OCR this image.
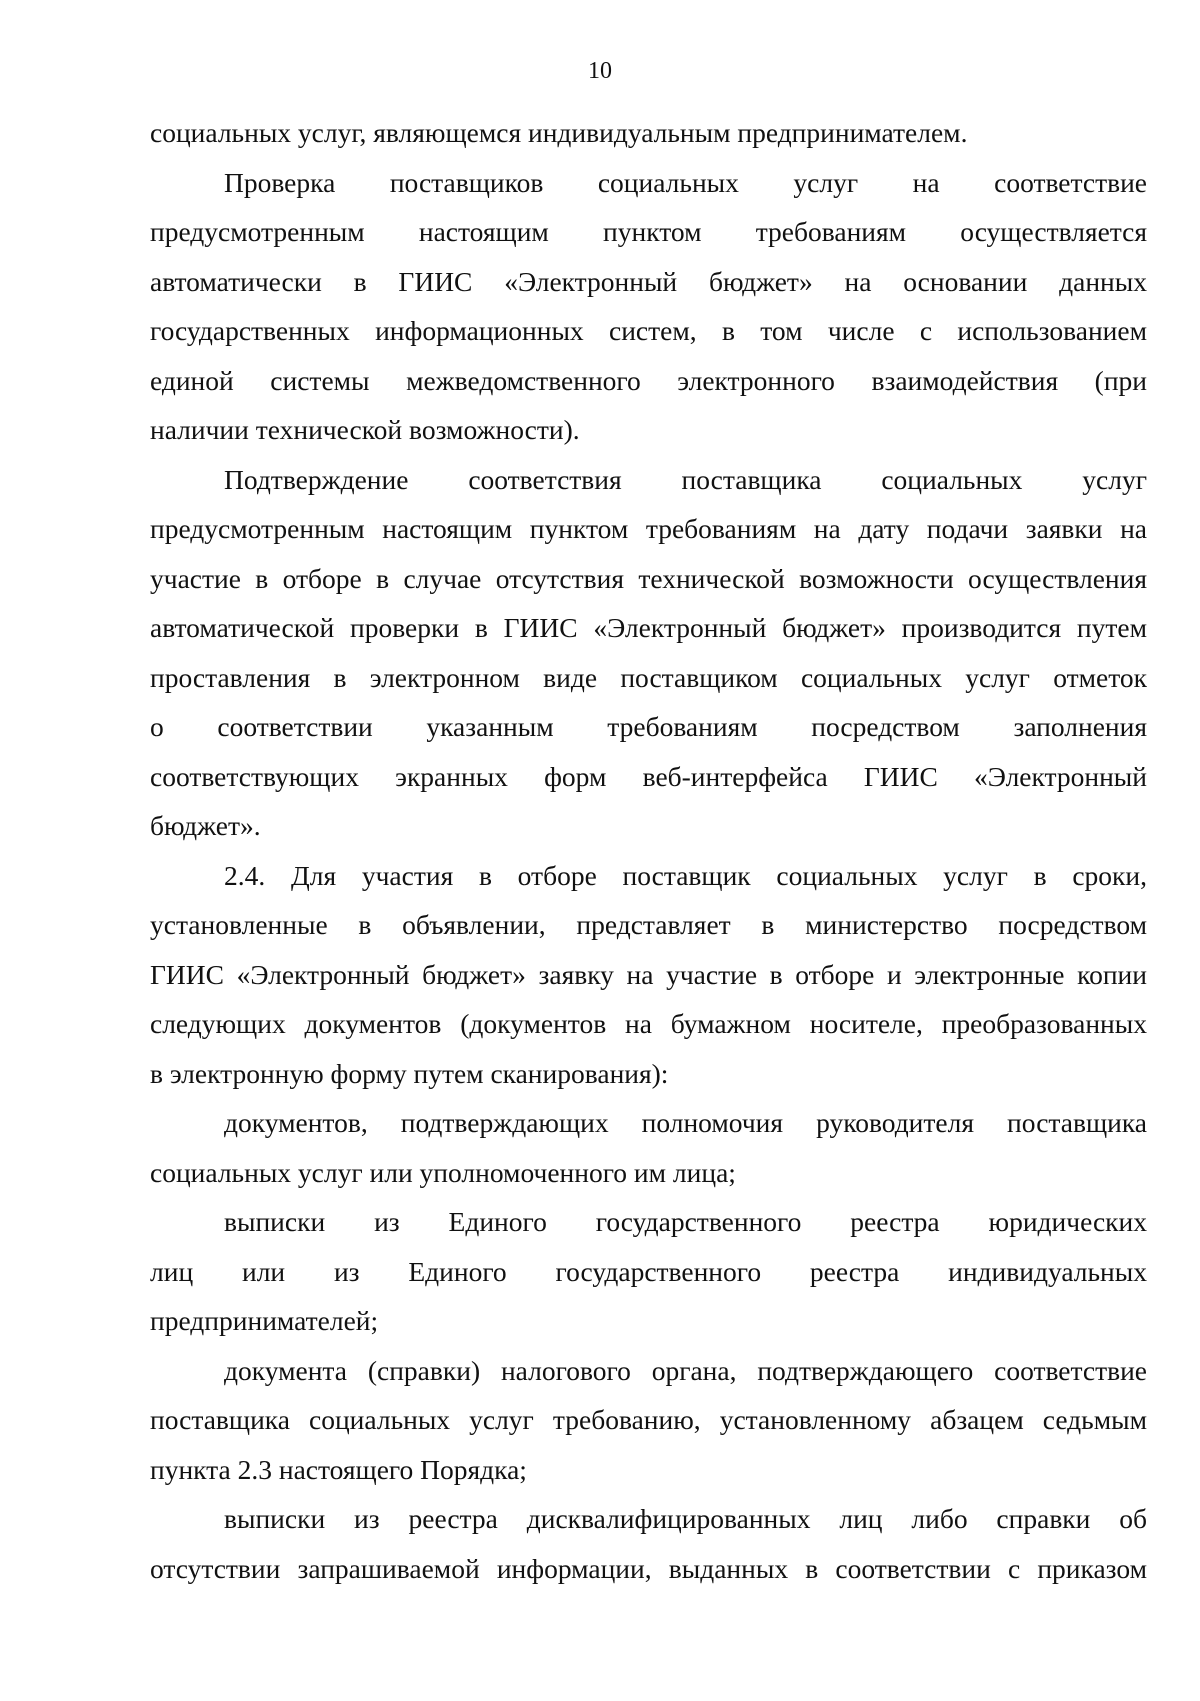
10
социальных услуг, являющемся индивидуальным предпринимателем.
Проверка поставщиков социальных услуг на соответствие
предусмотренным настоящим пунктом требованиям осуществляется
автоматически в ГИИС «Электронный бюджет» на основании данных
государственных информационных систем, в том числе с использованием
единой системы межведомственного электронного взаимодействия (при
наличии технической возможности).
Подтверждение соответствия поставщика социальных услуг
предусмотренным настоящим пунктом требованиям на дату подачи заявки на
участие в отборе в случае отсутствия технической возможности осуществления
автоматической проверки в ГИИС «Электронный бюджет» производится путем
проставления в электронном виде поставщиком социальных услуг отметок
о соответствии указанным требованиям посредством заполнения
соответствующих экранных форм веб-интерфейса ГИИС «Электронный
бюджет».
2.4. Для участия в отборе поставщик социальных услуг в сроки,
установленные в объявлении, представляет в министерство посредством
ГИИС «Электронный бюджет» заявку на участие в отборе и электронные копии
следующих документов (документов на бумажном носителе, преобразованных
в электронную форму путем сканирования):
документов, подтверждающих полномочия руководителя поставщика
социальных услуг или уполномоченного им лица;
выписки из Единого государственного реестра юридических
лиц или из Единого государственного реестра индивидуальных
предпринимателей;
документа (справки) налогового органа, подтверждающего соответствие
поставщика социальных услуг требованию, установленному абзацем седьмым
пункта 2.3 настоящего Порядка;
выписки из реестра дисквалифицированных лиц либо справки об
отсутствии запрашиваемой информации, выданных в соответствии с приказом
